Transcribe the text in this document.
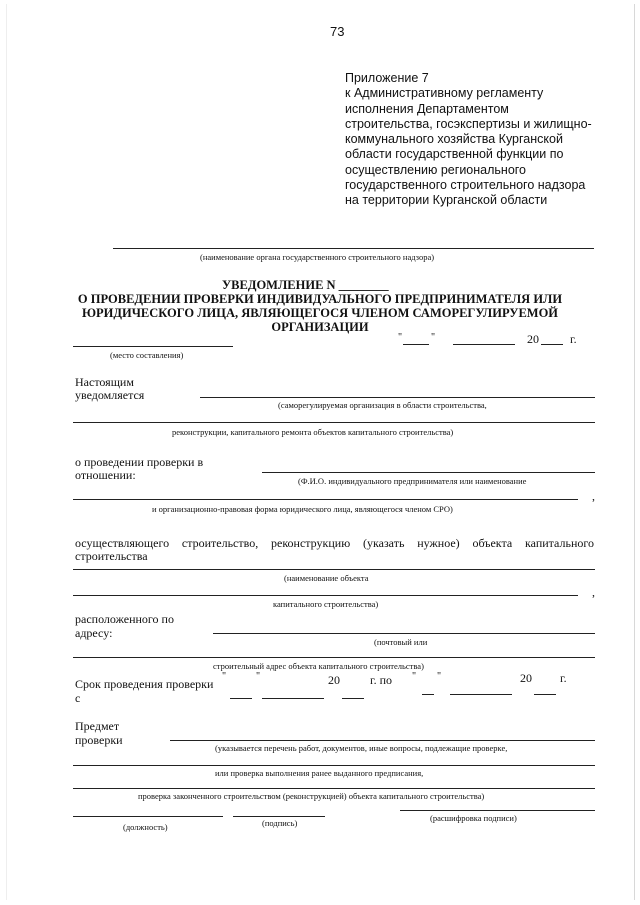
73
Приложение 7
к Административному регламенту
исполнения Департаментом
строительства, госэкспертизы и жилищно-
коммунального хозяйства Курганской
области государственной функции по
осуществлению регионального
государственного строительного надзора
на территории Курганской области
(наименование органа государственного строительного надзора)
УВЕДОМЛЕНИЕ N ________
О ПРОВЕДЕНИИ ПРОВЕРКИ ИНДИВИДУАЛЬНОГО ПРЕДПРИНИМАТЕЛЯ ИЛИ
ЮРИДИЧЕСКОГО ЛИЦА, ЯВЛЯЮЩЕГОСЯ ЧЛЕНОМ САМОРЕГУЛИРУЕМОЙ
ОРГАНИЗАЦИИ
"	"	20	г.
(место составления)
Настоящим
уведомляется
(саморегулируемая организация в области строительства,
реконструкции, капитального ремонта объектов капитального строительства)
о проведении проверки в
отношении:	(Ф.И.О. индивидуального предпринимателя или наименование
,
и организационно-правовая форма юридического лица, являющегося членом СРО)
осуществляющего строительство, реконструкцию (указать нужное) объекта капитального
строительства
(наименование объекта
,
капитального строительства)
расположенного по
адресу:
(почтовый или
строительный адрес объекта капитального строительства)
Срок проведения проверки
с
"	"	20	г. по " "	20 г.
Предмет
проверки
(указывается перечень работ, документов, иные вопросы, подлежащие проверке,
или проверка выполнения ранее выданного предписания,
проверка законченного строительством (реконструкцией) объекта капитального строительства)
(должность)	(подпись)	(расшифровка подписи)
